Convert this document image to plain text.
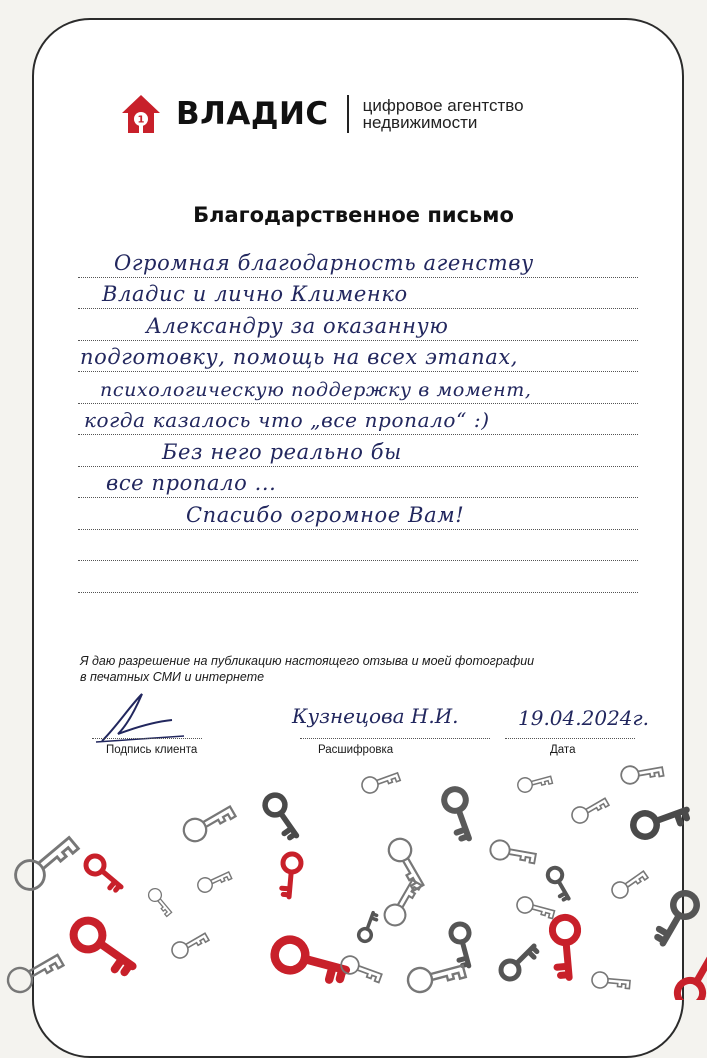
1 ВЛАДИС цифровое агентство
недвижимости
Благодарственное письмо
Огромная благодарность агенству
Владис и лично Клименко
Александру за оказанную
подготовку, помощь на всех этапах,
психологическую поддержку в момент,
когда казалось что „все пропало“ :)
Без него реально бы
все пропало ...
Спасибо огромное Вам!
Я даю разрешение на публикацию настоящего отзыва и моей фотографии
в печатных СМИ и интернете
Подпись клиента
Кузнецова Н.И.
Расшифровка
19.04.2024г.
Дата
